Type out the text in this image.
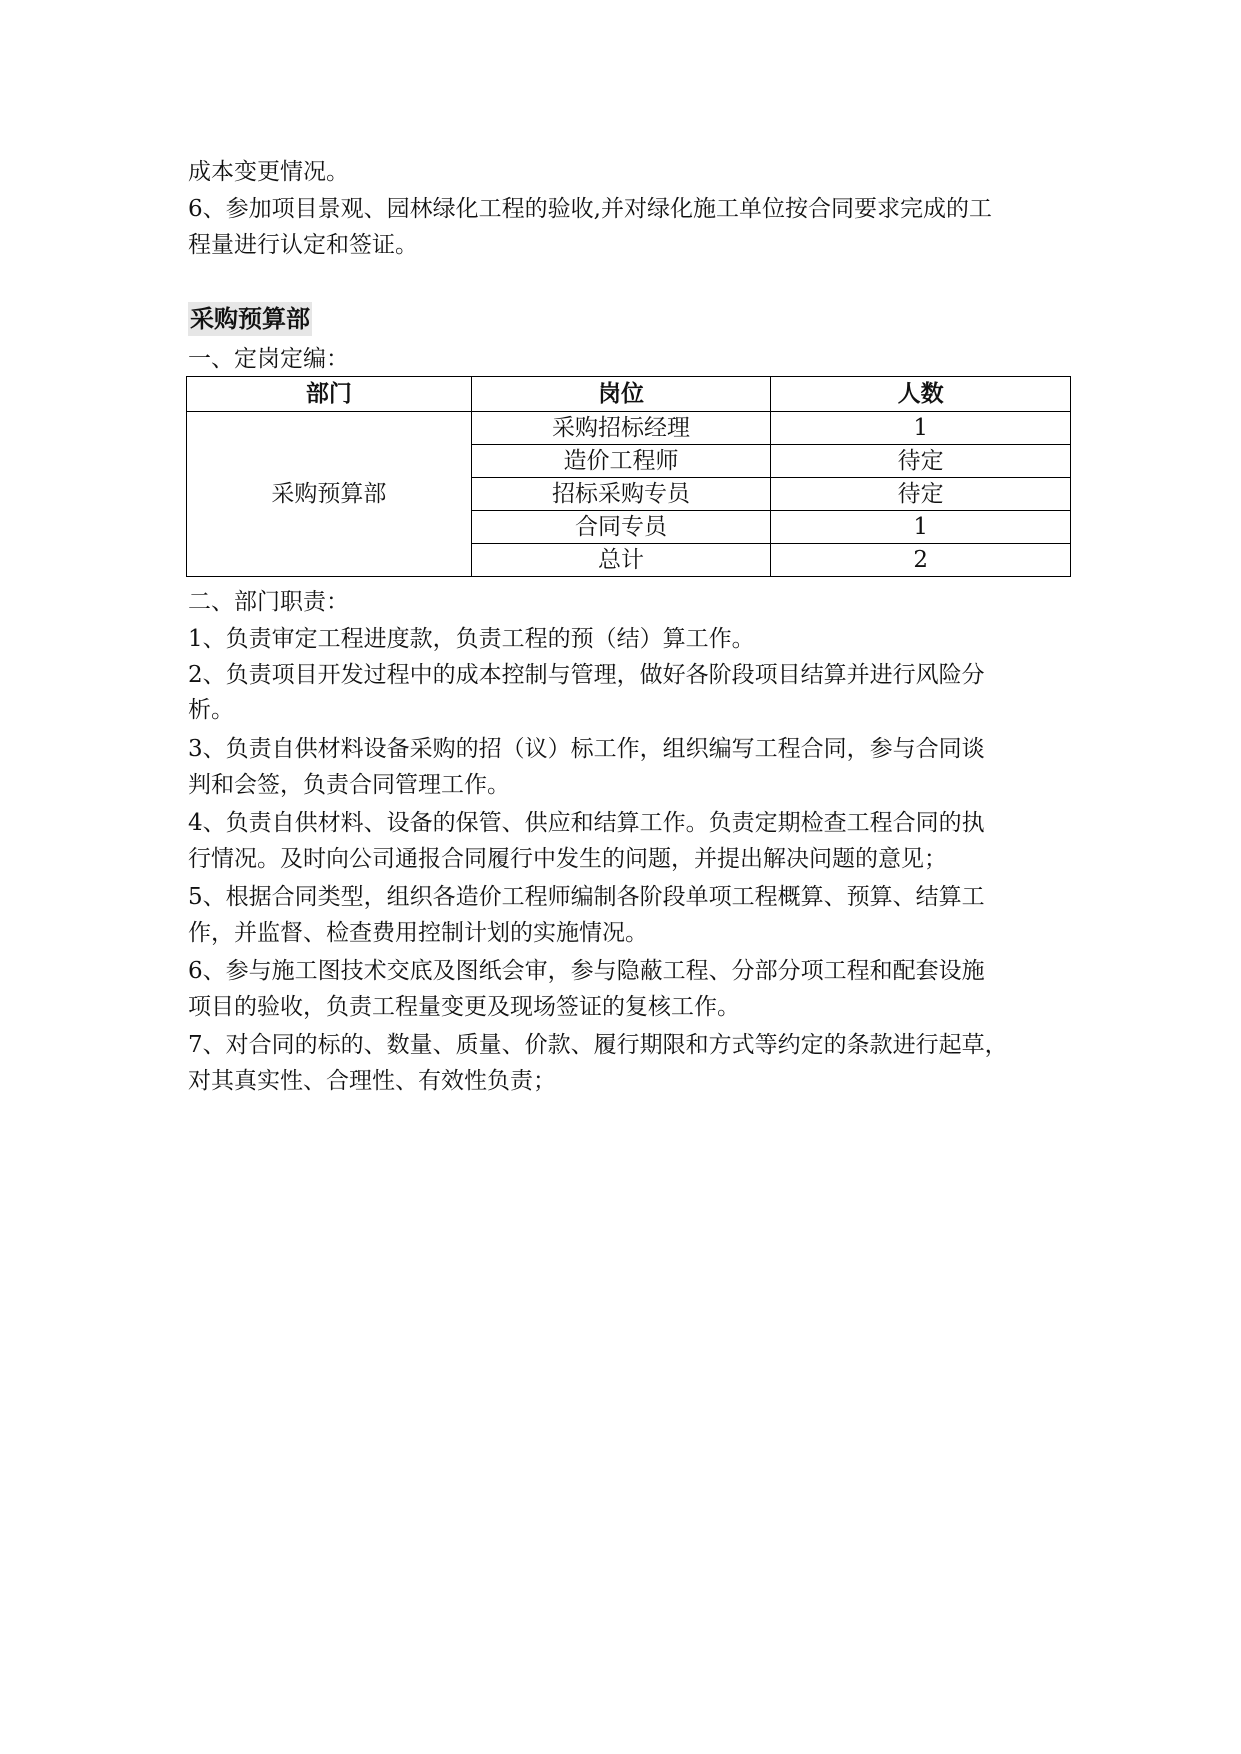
成本变更情况。
6、参加项目景观、园林绿化工程的验收,并对绿化施工单位按合同要求完成的工
程量进行认定和签证。
采购预算部
一、定岗定编：
部门	岗位	人数
采购预算部	采购招标经理	1
	造价工程师	待定
	招标采购专员	待定
	合同专员	1
	总计	2
二、部门职责：
1、负责审定工程进度款，负责工程的预（结）算工作。
2、负责项目开发过程中的成本控制与管理，做好各阶段项目结算并进行风险分
析。
3、负责自供材料设备采购的招（议）标工作，组织编写工程合同，参与合同谈
判和会签，负责合同管理工作。
4、负责自供材料、设备的保管、供应和结算工作。负责定期检查工程合同的执
行情况。及时向公司通报合同履行中发生的问题，并提出解决问题的意见；
5、根据合同类型，组织各造价工程师编制各阶段单项工程概算、预算、结算工
作，并监督、检查费用控制计划的实施情况。
6、参与施工图技术交底及图纸会审，参与隐蔽工程、分部分项工程和配套设施
项目的验收，负责工程量变更及现场签证的复核工作。
7、对合同的标的、数量、质量、价款、履行期限和方式等约定的条款进行起草，
对其真实性、合理性、有效性负责；
